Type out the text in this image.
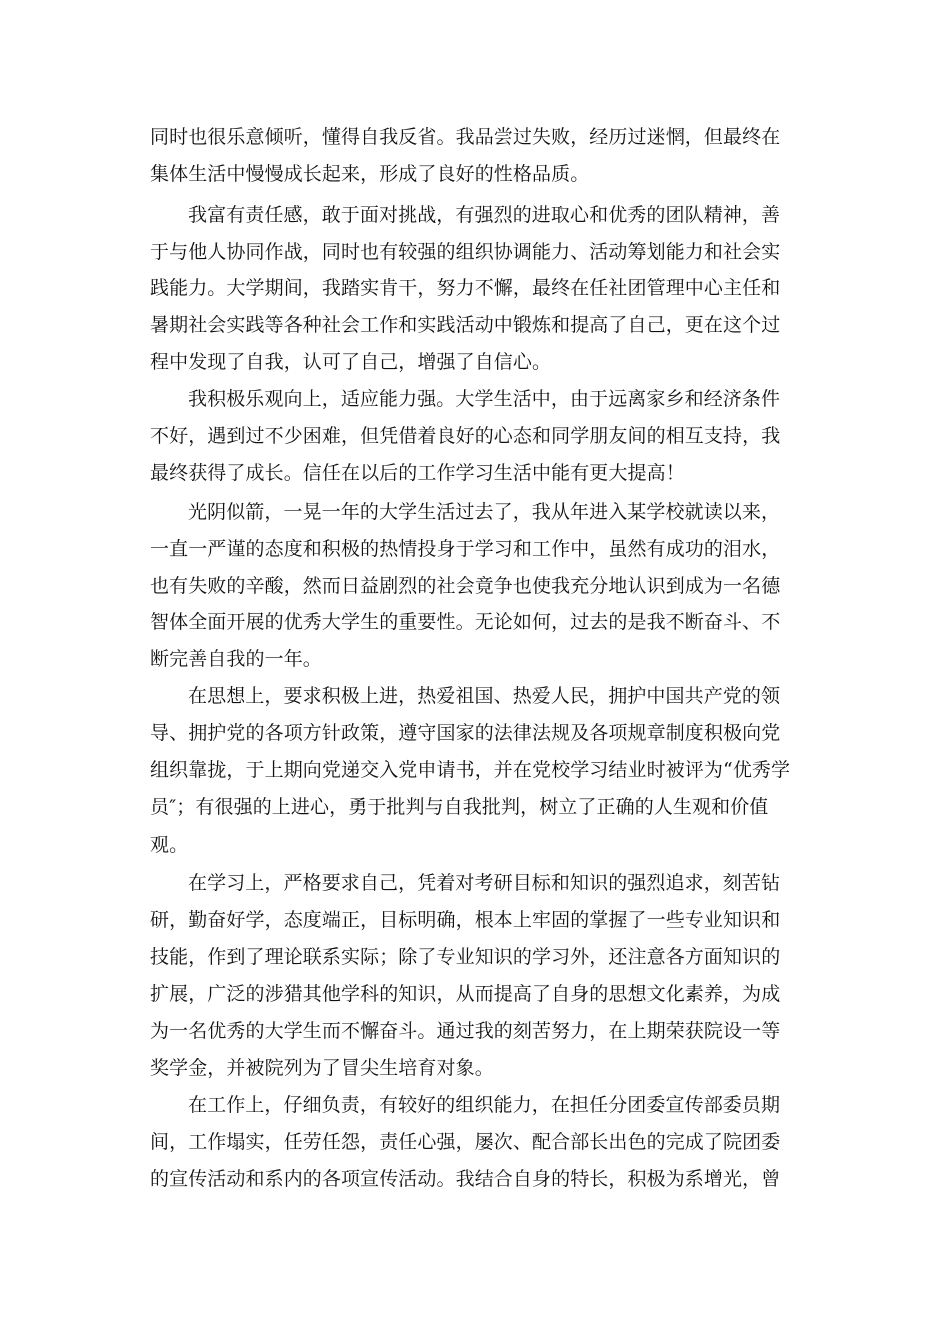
同时也很乐意倾听，懂得自我反省。我品尝过失败，经历过迷惘，但最终在
集体生活中慢慢成长起来，形成了良好的性格品质。
我富有责任感，敢于面对挑战，有强烈的进取心和优秀的团队精神，善
于与他人协同作战，同时也有较强的组织协调能力、活动筹划能力和社会实
践能力。大学期间，我踏实肯干，努力不懈，最终在任社团管理中心主任和
暑期社会实践等各种社会工作和实践活动中锻炼和提高了自己，更在这个过
程中发现了自我，认可了自己，增强了自信心。
我积极乐观向上，适应能力强。大学生活中，由于远离家乡和经济条件
不好，遇到过不少困难，但凭借着良好的心态和同学朋友间的相互支持，我
最终获得了成长。信任在以后的工作学习生活中能有更大提高！
光阴似箭，一晃一年的大学生活过去了，我从年进入某学校就读以来，
一直一严谨的态度和积极的热情投身于学习和工作中，虽然有成功的泪水，
也有失败的辛酸，然而日益剧烈的社会竟争也使我充分地认识到成为一名德
智体全面开展的优秀大学生的重要性。无论如何，过去的是我不断奋斗、不
断完善自我的一年。
在思想上，要求积极上进，热爱祖国、热爱人民，拥护中国共产党的领
导、拥护党的各项方针政策，遵守国家的法律法规及各项规章制度积极向党
组织靠拢，于上期向党递交入党申请书，并在党校学习结业时被评为“优秀学
员″；有很强的上进心，勇于批判与自我批判，树立了正确的人生观和价值
观。
在学习上，严格要求自己，凭着对考研目标和知识的强烈追求，刻苦钻
研，勤奋好学，态度端正，目标明确，根本上牢固的掌握了一些专业知识和
技能，作到了理论联系实际；除了专业知识的学习外，还注意各方面知识的
扩展，广泛的涉猎其他学科的知识，从而提高了自身的思想文化素养，为成
为一名优秀的大学生而不懈奋斗。通过我的刻苦努力，在上期荣获院设一等
奖学金，并被院列为了冒尖生培育对象。
在工作上，仔细负责，有较好的组织能力，在担任分团委宣传部委员期
间，工作塌实，任劳任怨，责任心强，屡次、配合部长出色的完成了院团委
的宣传活动和系内的各项宣传活动。我结合自身的特长，积极为系增光，曾
